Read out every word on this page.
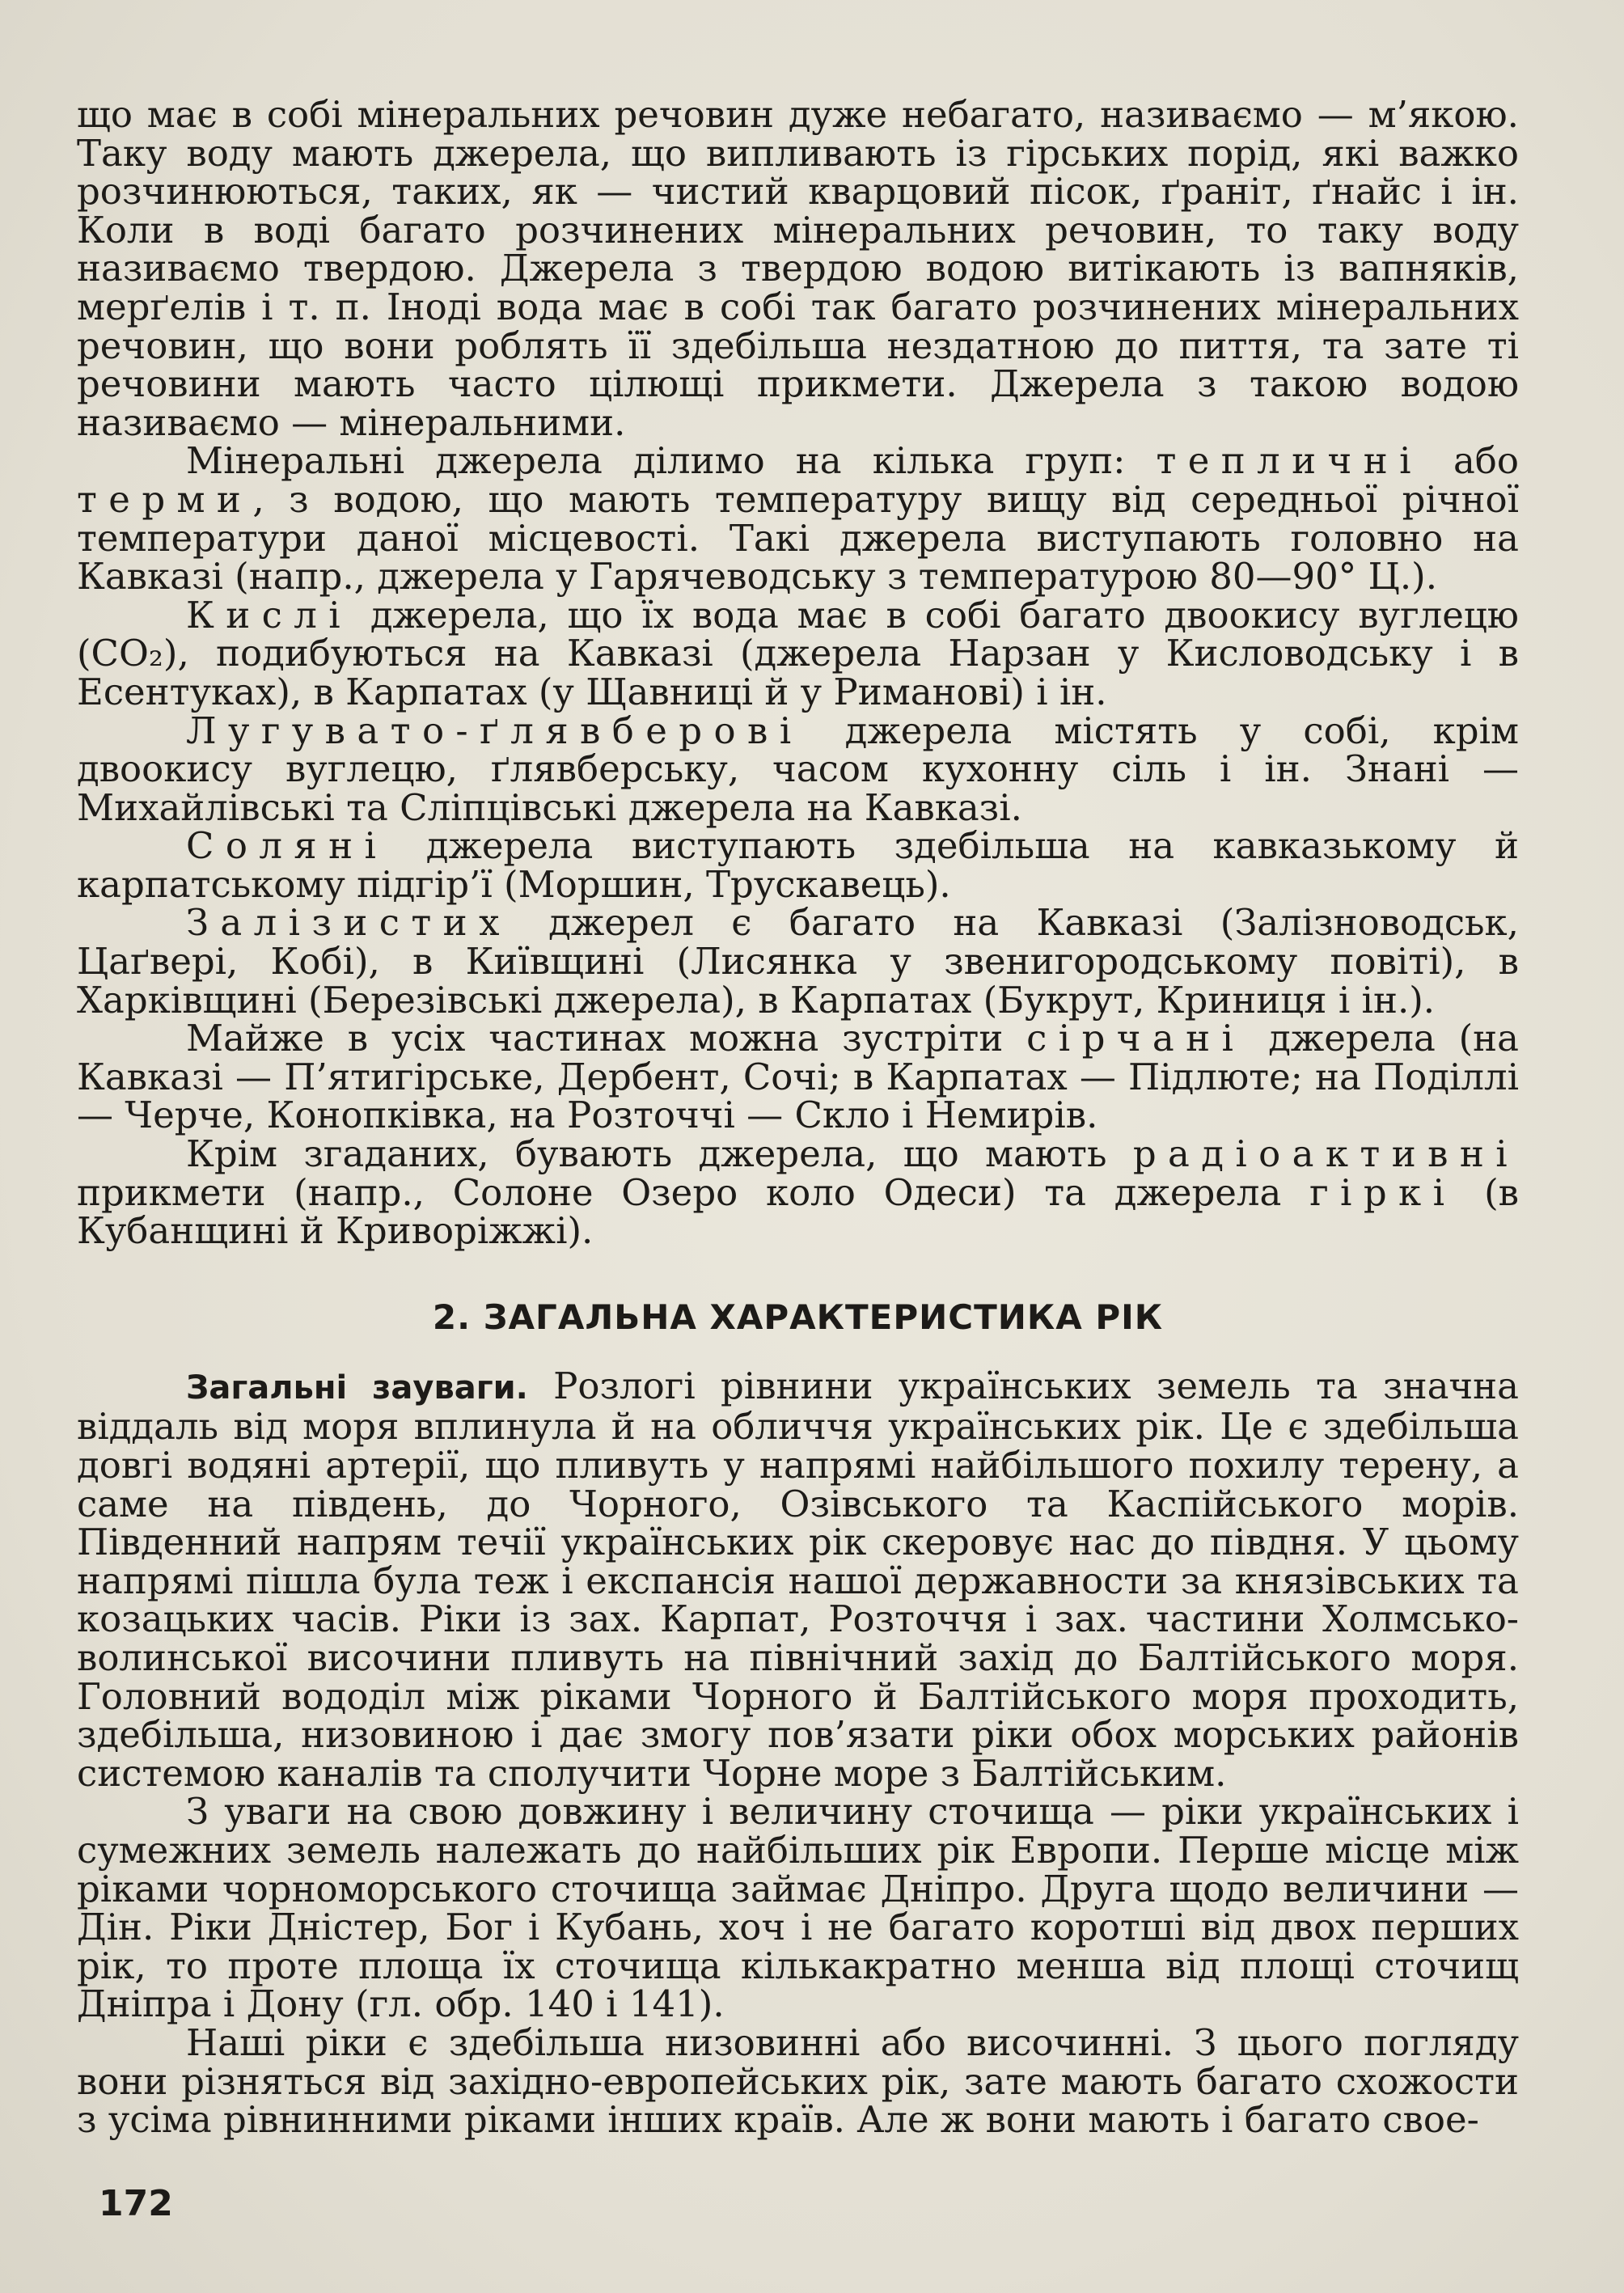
що має в собі мінеральних речовин дуже небагато, називаємо — м’якою. Таку воду мають джерела, що випливають із гірських порід, які важко розчинюються, таких, як — чистий кварцовий пісок, ґраніт, ґнайс і ін. Коли в воді багато розчинених мінеральних речовин, то таку воду називаємо твердою. Джерела з твердою водою витікають із вапняків, мерґелів і т. п. Іноді вода має в собі так багато розчинених мінеральних речовин, що вони роблять її здебільша нездатною до пиття, та зате ті речовини мають часто цілющі прикмети. Джерела з такою водою називаємо — мінеральними.

Мінеральні джерела ділимо на кілька груп: тепличні або терми, з водою, що мають температуру вищу від середньої річної температури даної місцевості. Такі джерела виступають головно на Кавказі (напр., джерела у Гарячеводську з температурою 80—90° Ц.).

Кислі джерела, що їх вода має в собі багато двоокису вуглецю (CO₂), подибуються на Кавказі (джерела Нарзан у Кисловодську і в Есентуках), в Карпатах (у Щавниці й у Риманові) і ін.

Лугувато-ґлявберові джерела містять у собі, крім двоокису вуглецю, ґлявберську, часом кухонну сіль і ін. Знані — Михайлівські та Сліпцівські джерела на Кавказі.

Соляні джерела виступають здебільша на кавказькому й карпатському підгір’ї (Моршин, Трускавець).

Залізистих джерел є багато на Кавказі (Залізноводськ, Цаґвері, Кобі), в Київщині (Лисянка у звенигородському повіті), в Харківщині (Березівські джерела), в Карпатах (Букрут, Криниця і ін.).

Майже в усіх частинах можна зустріти сірчані джерела (на Кавказі — П’ятигірське, Дербент, Сочі; в Карпатах — Підлюте; на Поділлі — Черче, Конопківка, на Розточчі — Скло і Немирів.

Крім згаданих, бувають джерела, що мають радіоактивні прикмети (напр., Солоне Озеро коло Одеси) та джерела гіркі (в Кубанщині й Криворіжжі).

2. ЗАГАЛЬНА ХАРАКТЕРИСТИКА РІК

Загальні зауваги. Розлогі рівнини українських земель та значна віддаль від моря вплинула й на обличчя українських рік. Це є здебільша довгі водяні артерії, що пливуть у напрямі найбільшого похилу терену, а саме на південь, до Чорного, Озівського та Каспійського морів. Південний напрям течії українських рік скеровує нас до півдня. У цьому напрямі пішла була теж і експансія нашої державности за князівських та козацьких часів. Ріки із зах. Карпат, Розточчя і зах. частини Холмсько-волинської височини пливуть на північний захід до Балтійського моря. Головний вододіл між ріками Чорного й Балтійського моря проходить, здебільша, низовиною і дає змогу пов’язати ріки обох морських районів системою каналів та сполучити Чорне море з Балтійським.

З уваги на свою довжину і величину сточища — ріки українських і сумежних земель належать до найбільших рік Европи. Перше місце між ріками чорноморського сточища займає Дніпро. Друга щодо величини — Дін. Ріки Дністер, Бог і Кубань, хоч і не багато коротші від двох перших рік, то проте площа їх сточища кількакратно менша від площі сточищ Дніпра і Дону (гл. обр. 140 і 141).

Наші ріки є здебільша низовинні або височинні. З цього погляду вони різняться від західно-европейських рік, зате мають багато схожости з усіма рівнинними ріками інших країв. Але ж вони мають і багато свое-

172
